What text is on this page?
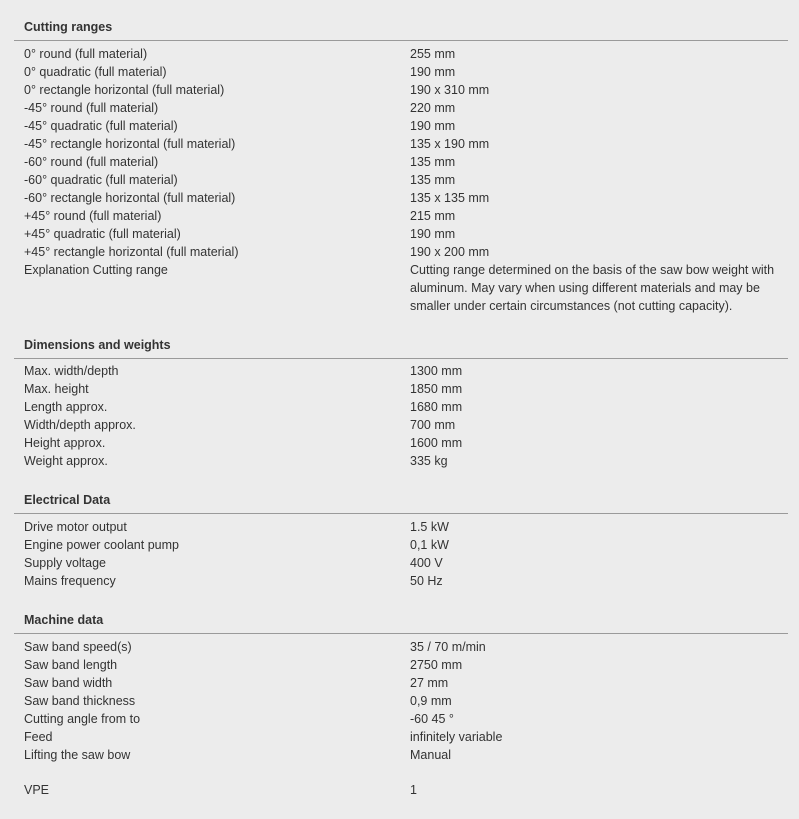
Cutting ranges
0° round (full material)	255 mm
0° quadratic (full material)	190 mm
0° rectangle horizontal (full material)	190 x 310 mm
-45° round (full material)	220 mm
-45° quadratic (full material)	190 mm
-45° rectangle horizontal (full material)	135 x 190 mm
-60° round (full material)	135 mm
-60° quadratic (full material)	135 mm
-60° rectangle horizontal (full material)	135 x 135 mm
+45° round (full material)	215 mm
+45° quadratic (full material)	190 mm
+45° rectangle horizontal (full material)	190 x 200 mm
Explanation Cutting range	Cutting range determined on the basis of the saw bow weight with aluminum. May vary when using different materials and may be smaller under certain circumstances (not cutting capacity).
Dimensions and weights
Max. width/depth	1300 mm
Max. height	1850 mm
Length approx.	1680 mm
Width/depth approx.	700 mm
Height approx.	1600 mm
Weight approx.	335 kg
Electrical Data
Drive motor output	1.5 kW
Engine power coolant pump	0,1 kW
Supply voltage	400 V
Mains frequency	50 Hz
Machine data
Saw band speed(s)	35 / 70 m/min
Saw band length	2750 mm
Saw band width	27 mm
Saw band thickness	0,9 mm
Cutting angle from to	-60 45 °
Feed	infinitely variable
Lifting the saw bow	Manual
VPE	1
